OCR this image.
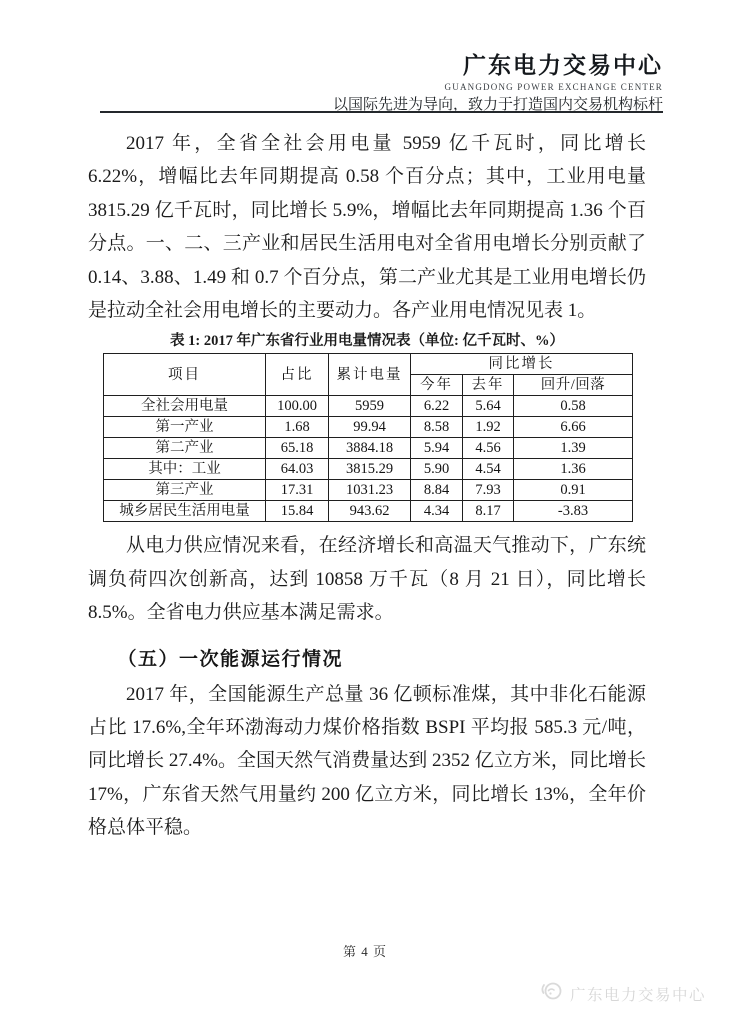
广东电力交易中心
GUANGDONG POWER EXCHANGE CENTER
以国际先进为导向，致力于打造国内交易机构标杆

2017 年，全省全社会用电量 5959 亿千瓦时，同比增长 6.22%，增幅比去年同期提高 0.58 个百分点；其中，工业用电量 3815.29 亿千瓦时，同比增长 5.9%，增幅比去年同期提高 1.36 个百分点。一、二、三产业和居民生活用电对全省用电增长分别贡献了 0.14、3.88、1.49 和 0.7 个百分点，第二产业尤其是工业用电增长仍是拉动全社会用电增长的主要动力。各产业用电情况见表 1。

表 1: 2017 年广东省行业用电量情况表（单位: 亿千瓦时、%）
项目	占比	累计电量	同比增长		
			今年	去年	回升/回落
全社会用电量	100.00	5959	6.22	5.64	0.58
第一产业	1.68	99.94	8.58	1.92	6.66
第二产业	65.18	3884.18	5.94	4.56	1.39
其中：工业	64.03	3815.29	5.90	4.54	1.36
第三产业	17.31	1031.23	8.84	7.93	0.91
城乡居民生活用电量	15.84	943.62	4.34	8.17	-3.83

从电力供应情况来看，在经济增长和高温天气推动下，广东统调负荷四次创新高，达到 10858 万千瓦（8 月 21 日），同比增长 8.5%。全省电力供应基本满足需求。

（五）一次能源运行情况

2017 年，全国能源生产总量 36 亿顿标准煤，其中非化石能源占比 17.6%,全年环渤海动力煤价格指数 BSPI 平均报 585.3 元/吨，同比增长 27.4%。全国天然气消费量达到 2352 亿立方米，同比增长 17%，广东省天然气用量约 200 亿立方米，同比增长 13%，全年价格总体平稳。

第 4 页
广东电力交易中心
